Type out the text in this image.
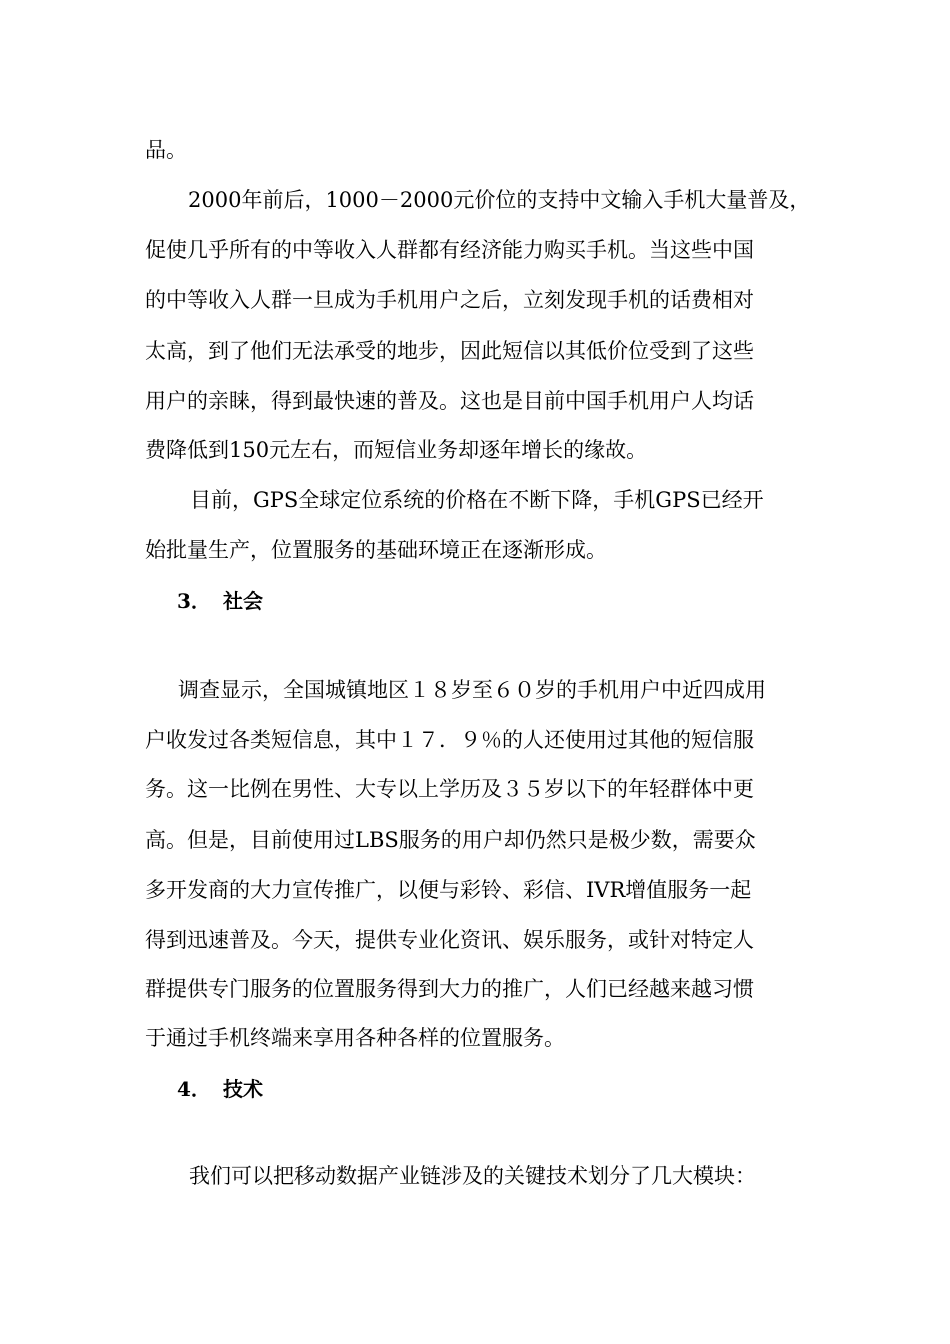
品。
2000年前后，1000－2000元价位的支持中文输入手机大量普及，
促使几乎所有的中等收入人群都有经济能力购买手机。当这些中国
的中等收入人群一旦成为手机用户之后，立刻发现手机的话费相对
太高，到了他们无法承受的地步，因此短信以其低价位受到了这些
用户的亲睐，得到最快速的普及。这也是目前中国手机用户人均话
费降低到150元左右，而短信业务却逐年增长的缘故。
目前，GPS全球定位系统的价格在不断下降，手机GPS已经开
始批量生产，位置服务的基础环境正在逐渐形成。
3． 社会
调查显示，全国城镇地区１８岁至６０岁的手机用户中近四成用
户收发过各类短信息，其中１７．９％的人还使用过其他的短信服
务。这一比例在男性、大专以上学历及３５岁以下的年轻群体中更
高。但是，目前使用过LBS服务的用户却仍然只是极少数，需要众
多开发商的大力宣传推广，以便与彩铃、彩信、IVR增值服务一起
得到迅速普及。今天，提供专业化资讯、娱乐服务，或针对特定人
群提供专门服务的位置服务得到大力的推广，人们已经越来越习惯
于通过手机终端来享用各种各样的位置服务。
4． 技术
我们可以把移动数据产业链涉及的关键技术划分了几大模块：
